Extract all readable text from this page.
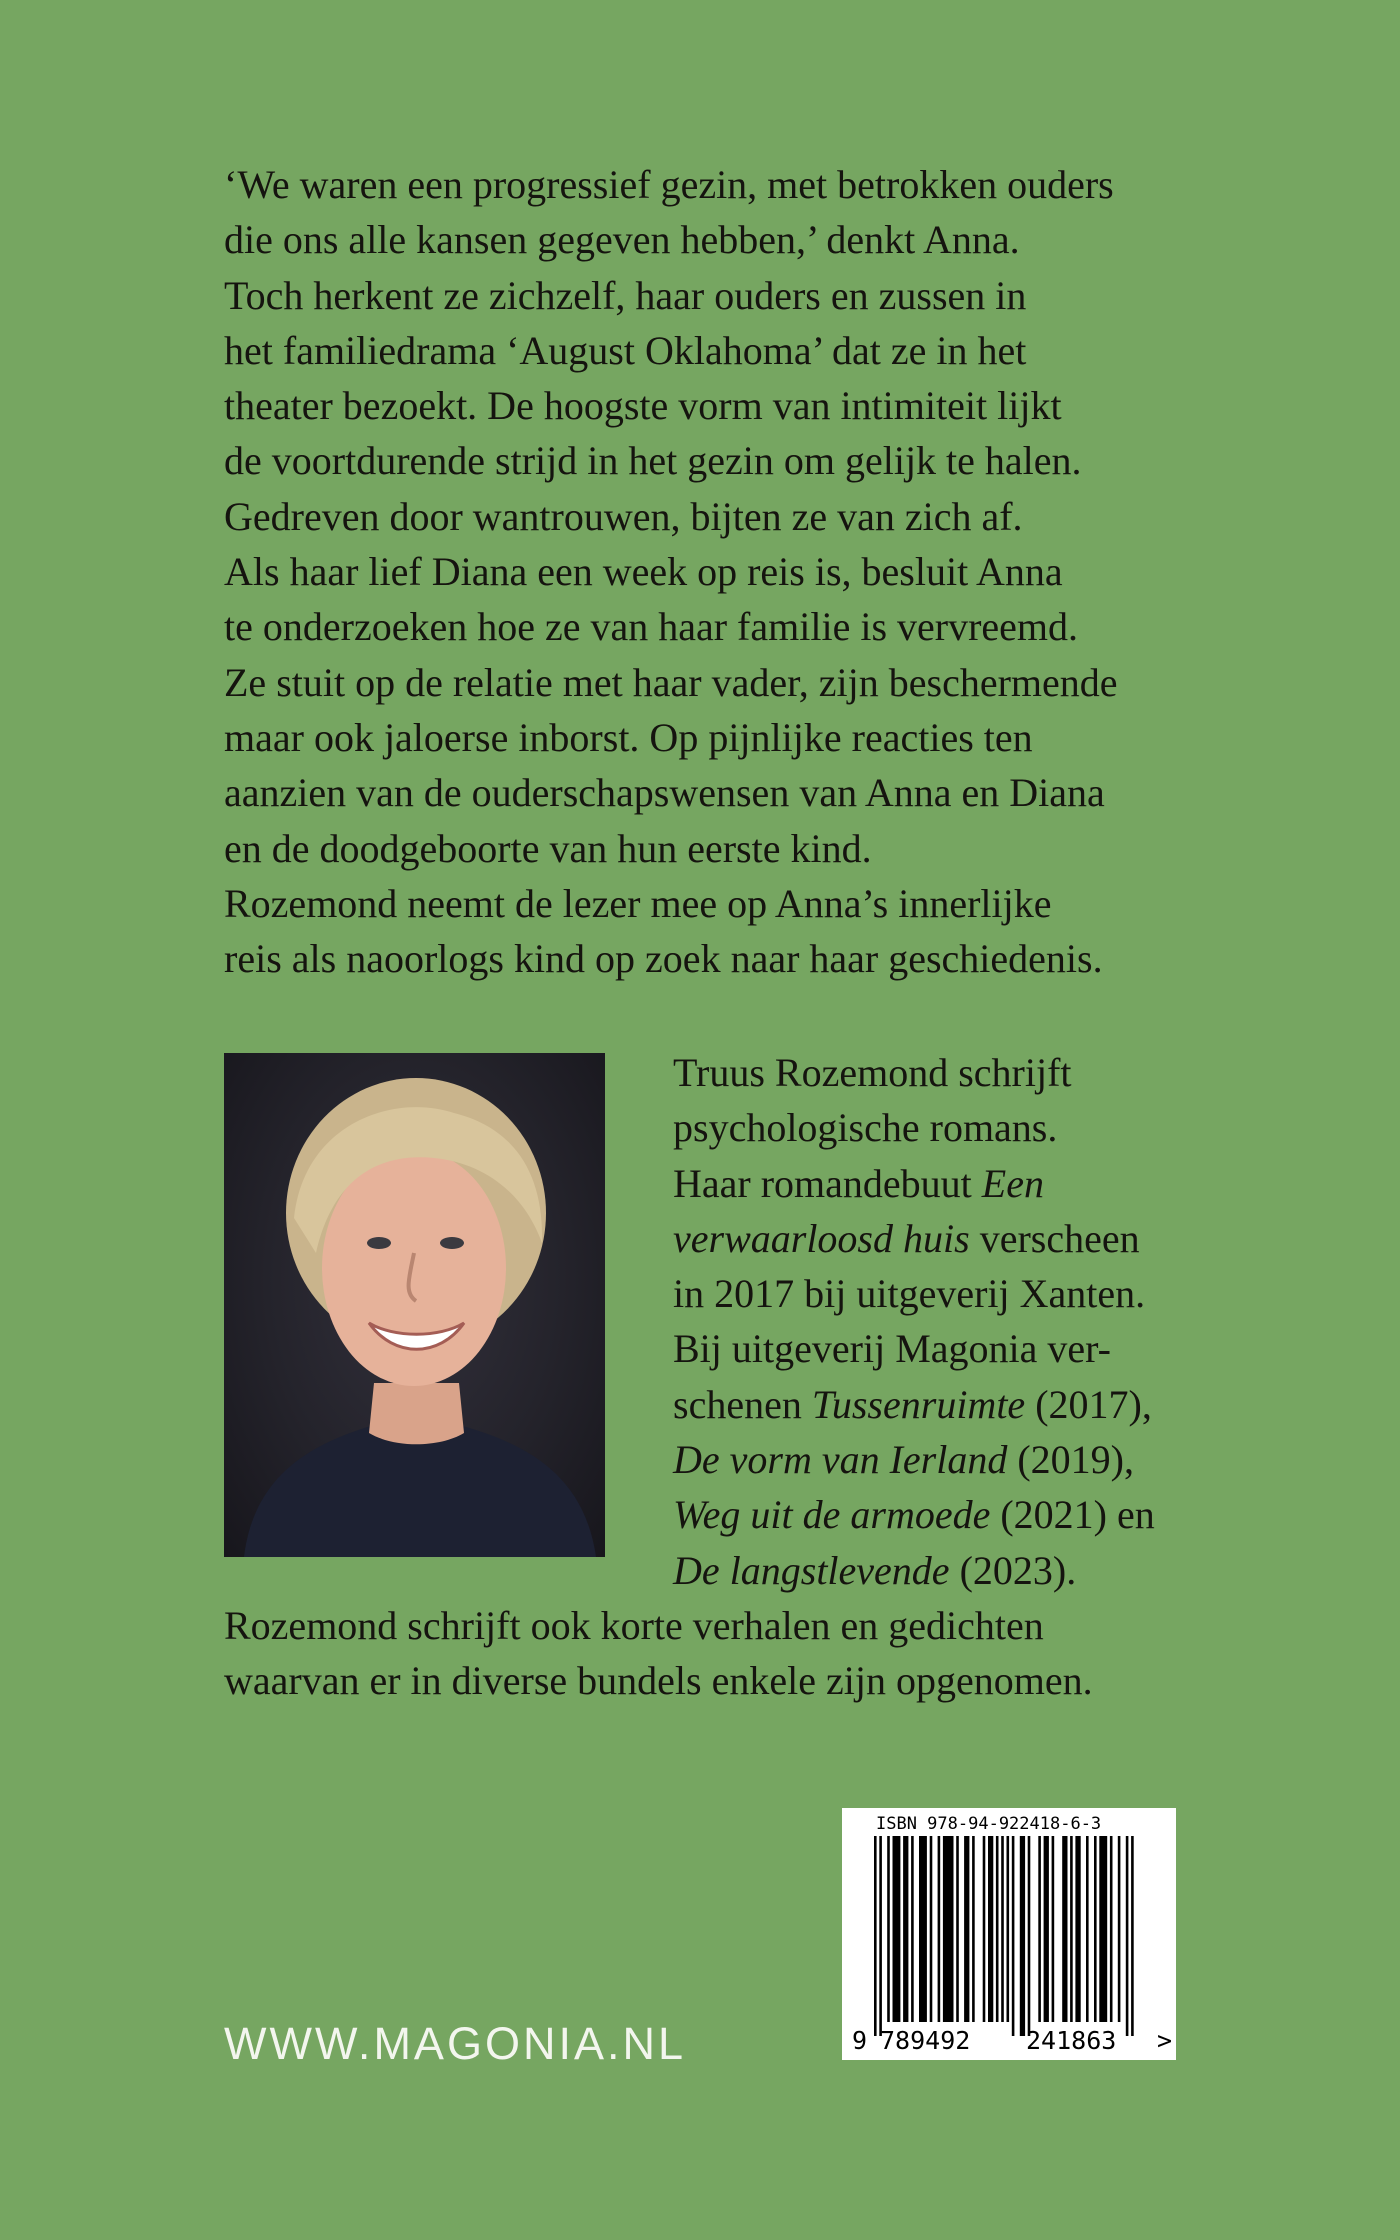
‘We waren een progressief gezin, met betrokken ouders
die ons alle kansen gegeven hebben,’ denkt Anna.
Toch herkent ze zichzelf, haar ouders en zussen in
het familiedrama ‘August Oklahoma’ dat ze in het
theater bezoekt. De hoogste vorm van intimiteit lijkt
de voortdurende strijd in het gezin om gelijk te halen.
Gedreven door wantrouwen, bijten ze van zich af.
Als haar lief Diana een week op reis is, besluit Anna
te onderzoeken hoe ze van haar familie is vervreemd.
Ze stuit op de relatie met haar vader, zijn beschermende
maar ook jaloerse inborst. Op pijnlijke reacties ten
aanzien van de ouderschapswensen van Anna en Diana
en de doodgeboorte van hun eerste kind.
Rozemond neemt de lezer mee op Anna’s innerlijke
reis als naoorlogs kind op zoek naar haar geschiedenis.
Truus Rozemond schrijft
psychologische romans.
Haar romandebuut Een
verwaarloosd huis verscheen
in 2017 bij uitgeverij Xanten.
Bij uitgeverij Magonia ver-
schenen Tussenruimte (2017),
De vorm van Ierland (2019),
Weg uit de armoede (2021) en
De langstlevende (2023).
Rozemond schrijft ook korte verhalen en gedichten
waarvan er in diverse bundels enkele zijn opgenomen.
WWW.MAGONIA.NL
ISBN 978-94-922418-6-3
9 789492 241863 >
